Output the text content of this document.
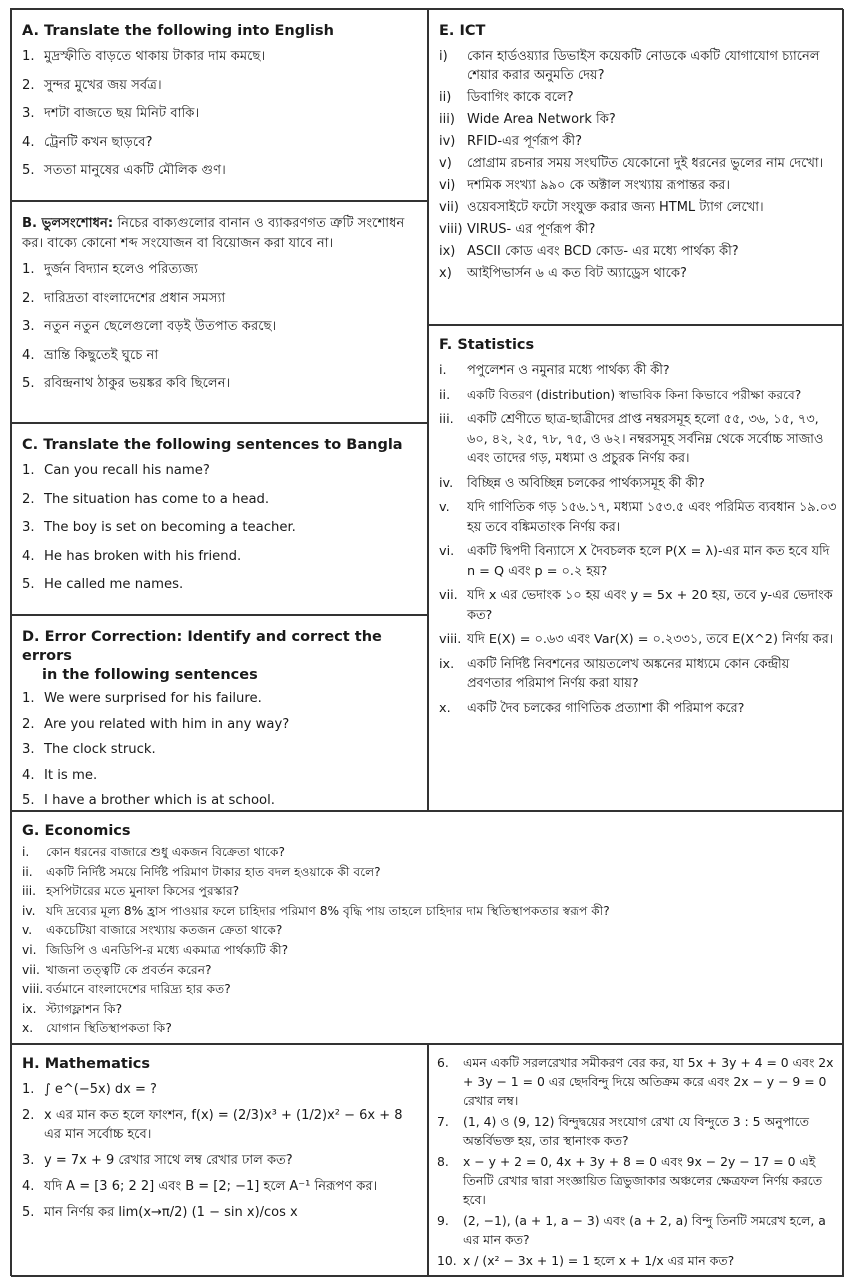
A. Translate the following into English
1. মুদ্রস্ফীতি বাড়তে থাকায় টাকার দাম কমছে।
2. সুন্দর মুখের জয় সর্বত্র।
3. দশটা বাজতে ছয় মিনিট বাকি।
4. ট্রেনটি কখন ছাড়বে?
5. সততা মানুষের একটি মৌলিক গুণ।
B. ভুলসংশোধন: নিচের বাক্যগুলোর বানান ও ব্যাকরণগত ত্রুটি সংশোধন কর। বাক্যে কোনো শব্দ সংযোজন বা বিয়োজন করা যাবে না।
1. দুর্জন বিদ্যান হলেও পরিত্যজ্য
2. দারিদ্রতা বাংলাদেশের প্রধান সমস্যা
3. নতুন নতুন ছেলেগুলো বড়ই উতপাত করছে।
4. ভ্রান্তি কিছুতেই ঘুচে না
5. রবিন্দ্রনাথ ঠাকুর ভয়ঙ্কর কবি ছিলেন।
C. Translate the following sentences to Bangla
1. Can you recall his name?
2. The situation has come to a head.
3. The boy is set on becoming a teacher.
4. He has broken with his friend.
5. He called me names.
D. Error Correction: Identify and correct the errors
in the following sentences
1. We were surprised for his failure.
2. Are you related with him in any way?
3. The clock struck.
4. It is me.
5. I have a brother which is at school.
E. ICT
i)	কোন হার্ডওয়্যার ডিভাইস কয়েকটি নোডকে একটি যোগাযোগ চ্যানেল শেয়ার করার অনুমতি দেয়?
ii)	ডিবাগিং কাকে বলে?
iii) Wide Area Network কি?
iv) RFID-এর পূর্ণরূপ কী?
v)	প্রোগ্রাম রচনার সময় সংঘটিত যেকোনো দুই ধরনের ভুলের নাম দেখো।
vi) দশমিক সংখ্যা ৯৯০ কে অক্টাল সংখ্যায় রূপান্তর কর।
vii) ওয়েবসাইটে ফটো সংযুক্ত করার জন্য HTML ট্যাগ লেখো।
viii) VIRUS- এর পূর্ণরূপ কী?
ix) ASCII কোড এবং BCD কোড- এর মধ্যে পার্থক্য কী?
x)	আইপিভার্সন ৬ এ কত বিট অ্যাড্রেস থাকে?
F. Statistics
i.	পপুলেশন ও নমুনার মধ্যে পার্থক্য কী কী?
ii.	একটি বিতরণ (distribution) স্বাভাবিক কিনা কিভাবে পরীক্ষা করবে?
iii.	একটি শ্রেণীতে ছাত্র-ছাত্রীদের প্রাপ্ত নম্বরসমূহ হলো ৫৫, ৩৬, ১৫, ৭৩, ৬০, ৪২, ২৫, ৭৮, ৭৫, ও ৬২। নম্বরসমূহ সর্বনিম্ন থেকে সর্বোচ্চ সাজাও এবং তাদের গড়, মধ্যমা ও প্রচুরক নির্ণয় কর।
iv.	বিচ্ছিন্ন ও অবিচ্ছিন্ন চলকের পার্থক্যসমূহ কী কী?
v.	যদি গাণিতিক গড় ১৫৬.১৭, মধ্যমা ১৫৩.৫ এবং পরিমিত ব্যবধান ১৯.০৩ হয় তবে বঙ্কিমতাংক নির্ণয় কর।
vi. একটি দ্বিপদী বিন্যাসে X দৈবচলক হলে P(X = λ)-এর মান কত হবে যদি n = Q এবং p = ০.২ হয়?
vii. যদি x এর ভেদাংক ১০ হয় এবং y = 5x + 20 হয়, তবে y-এর ভেদাংক কত?
viii. যদি E(X) = ০.৬৩ এবং Var(X) = ০.২৩৩১, তবে E(X^2) নির্ণয় কর।
ix. একটি নির্দিষ্ট নিবশনের আয়তলেখ অঙ্কনের মাধ্যমে কোন কেন্দ্রীয় প্রবণতার পরিমাপ নির্ণয় করা যায়?
x.	একটি দৈব চলকের গাণিতিক প্রত্যাশা কী পরিমাপ করে?
G. Economics
i.	কোন ধরনের বাজারে শুধু একজন বিক্রেতা থাকে?
ii.	একটি নির্দিষ্ট সময়ে নির্দিষ্ট পরিমাণ টাকার হাত বদল হওয়াকে কী বলে?
iii. হসপিটারের মতে মুনাফা কিসের পুরস্কার?
iv. যদি দ্রব্যের মূল্য 8% হ্রাস পাওয়ার ফলে চাহিদার পরিমাণ 8% বৃদ্ধি পায় তাহলে চাহিদার দাম স্থিতিস্থাপকতার স্বরূপ কী?
v.	একচেটিয়া বাজারে সংখ্যায় কতজন ক্রেতা থাকে?
vi. জিডিপি ও এনডিপি-র মধ্যে একমাত্র পার্থক্যটি কী?
vii. খাজনা তত্ত্বটি কে প্রবর্তন করেন?
viii. বর্তমানে বাংলাদেশের দারিদ্র্য হার কত?
ix. স্ট্যাগফ্লাশন কি?
x.	যোগান স্থিতিস্থাপকতা কি?
H. Mathematics
1. ∫ e^(−5x) dx = ?
2. x এর মান কত হলে ফাংশন, f(x) = (2/3)x³ + (1/2)x² − 6x + 8 এর মান সর্বোচ্চ হবে।
3. y = 7x + 9 রেখার সাথে লম্ব রেখার ঢাল কত?
4. যদি A = [3 6; 2 2] এবং B = [2; −1] হলে A⁻¹ নিরূপণ কর।
5. মান নির্ণয় কর lim(x→π/2) (1 − sin x)/cos x
6.	এমন একটি সরলরেখার সমীকরণ বের কর, যা 5x + 3y + 4 = 0 এবং 2x + 3y − 1 = 0 এর ছেদবিন্দু দিয়ে অতিক্রম করে এবং 2x − y − 9 = 0 রেখার লম্ব।
7.	(1, 4) ও (9, 12) বিন্দুদ্বয়ের সংযোগ রেখা যে বিন্দুতে 3 : 5 অনুপাতে অন্তর্বিভক্ত হয়, তার স্থানাংক কত?
8.	x − y + 2 = 0, 4x + 3y + 8 = 0 এবং 9x − 2y − 17 = 0 এই তিনটি রেখার দ্বারা সংজ্ঞায়িত ত্রিভুজাকার অঞ্চলের ক্ষেত্রফল নির্ণয় করতে হবে।
9.	(2, −1), (a + 1, a − 3) এবং (a + 2, a) বিন্দু তিনটি সমরেখ হলে, a এর মান কত?
10. x / (x² − 3x + 1) = 1 হলে x + 1/x এর মান কত?
